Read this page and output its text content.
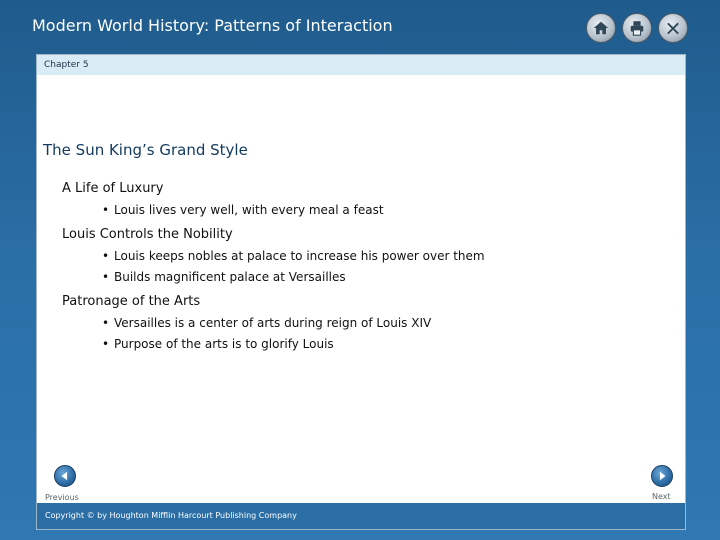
Modern World History: Patterns of Interaction
Chapter 5
The Sun King’s Grand Style
A Life of Luxury
• Louis lives very well, with every meal a feast
Louis Controls the Nobility
• Louis keeps nobles at palace to increase his power over them
• Builds magnificent palace at Versailles
Patronage of the Arts
• Versailles is a center of arts during reign of Louis XIV
• Purpose of the arts is to glorify Louis
Previous	Next
Copyright © by Houghton Mifflin Harcourt Publishing Company
